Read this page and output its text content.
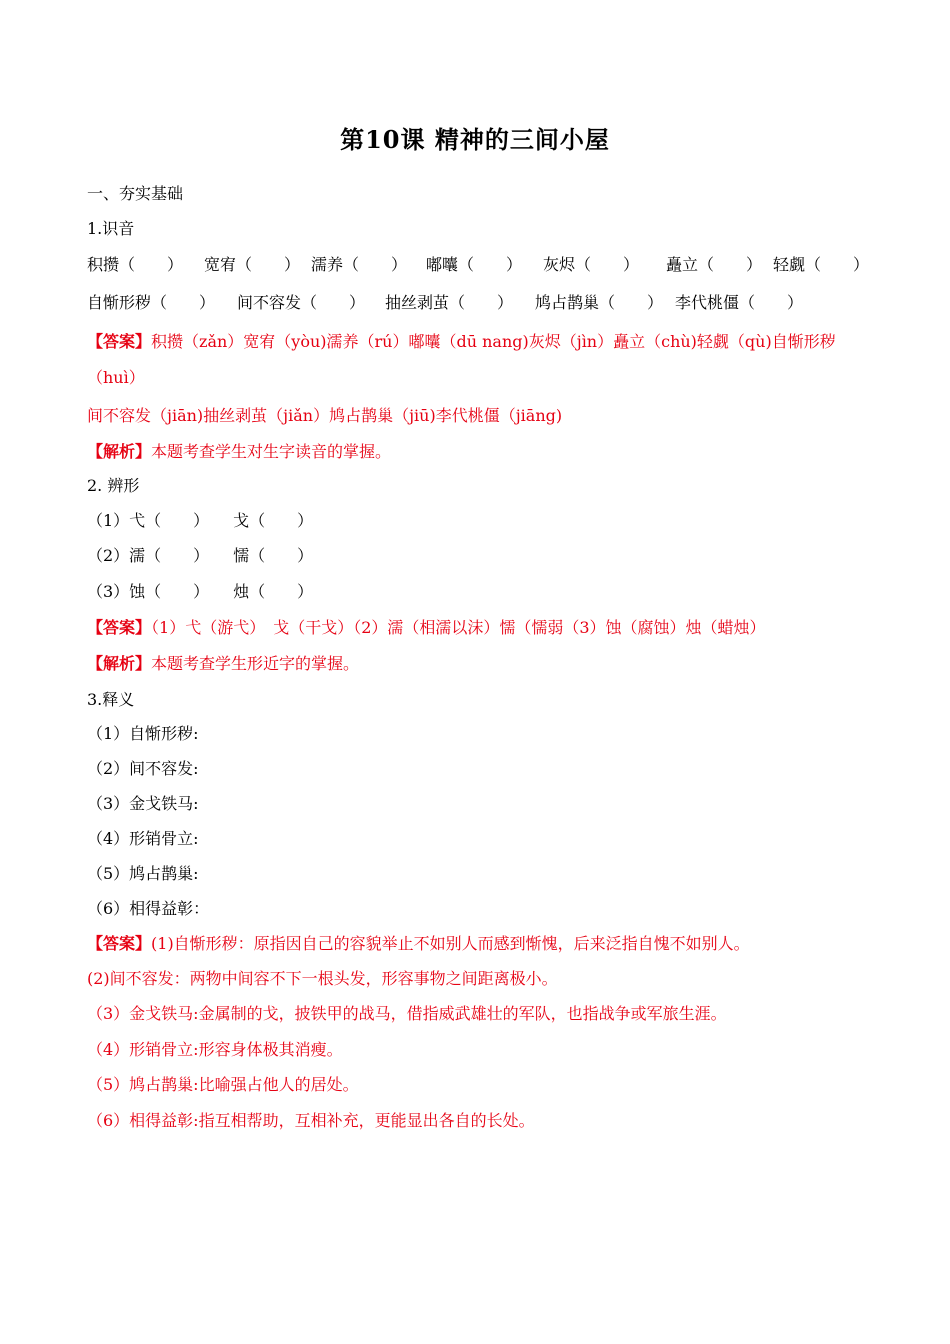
第10课 精神的三间小屋
一、夯实基础
1.识音
积攒（　　） 宽宥（　　） 濡养（　　） 嘟囔（　　） 灰烬（　　） 矗立（　　） 轻觑（　　）
自惭形秽（　　） 间不容发（　　） 抽丝剥茧（　　） 鸠占鹊巢（　　） 李代桃僵（　　）
【答案】积攒（zǎn）宽宥（yòu)濡养（rú）嘟囔（dū nang)灰烬（jìn）矗立（chù)轻觑（qù)自惭形秽
（huì）
间不容发（jiān)抽丝剥茧（jiǎn）鸠占鹊巢（jiū)李代桃僵（jiāng)
【解析】本题考查学生对生字读音的掌握。
2. 辨形
（1）弋（　　）　　戈（　　）
（2）濡（　　）　　懦（　　）
（3）蚀（　　）　　烛（　　）
【答案】（1）弋（游弋）　戈（干戈）（2）濡（相濡以沫）懦（懦弱（3）蚀（腐蚀）烛（蜡烛）
【解析】本题考查学生形近字的掌握。
3.释义
（1）自惭形秽:
（2）间不容发:
（3）金戈铁马:
（4）形销骨立:
（5）鸠占鹊巢:
（6）相得益彰：
【答案】(1)自惭形秽：原指因自己的容貌举止不如别人而感到惭愧，后来泛指自愧不如别人。
(2)间不容发：两物中间容不下一根头发，形容事物之间距离极小。
（3）金戈铁马:金属制的戈，披铁甲的战马，借指威武雄壮的军队，也指战争或军旅生涯。
（4）形销骨立:形容身体极其消瘦。
（5）鸠占鹊巢:比喻强占他人的居处。
（6）相得益彰:指互相帮助，互相补充，更能显出各自的长处。
